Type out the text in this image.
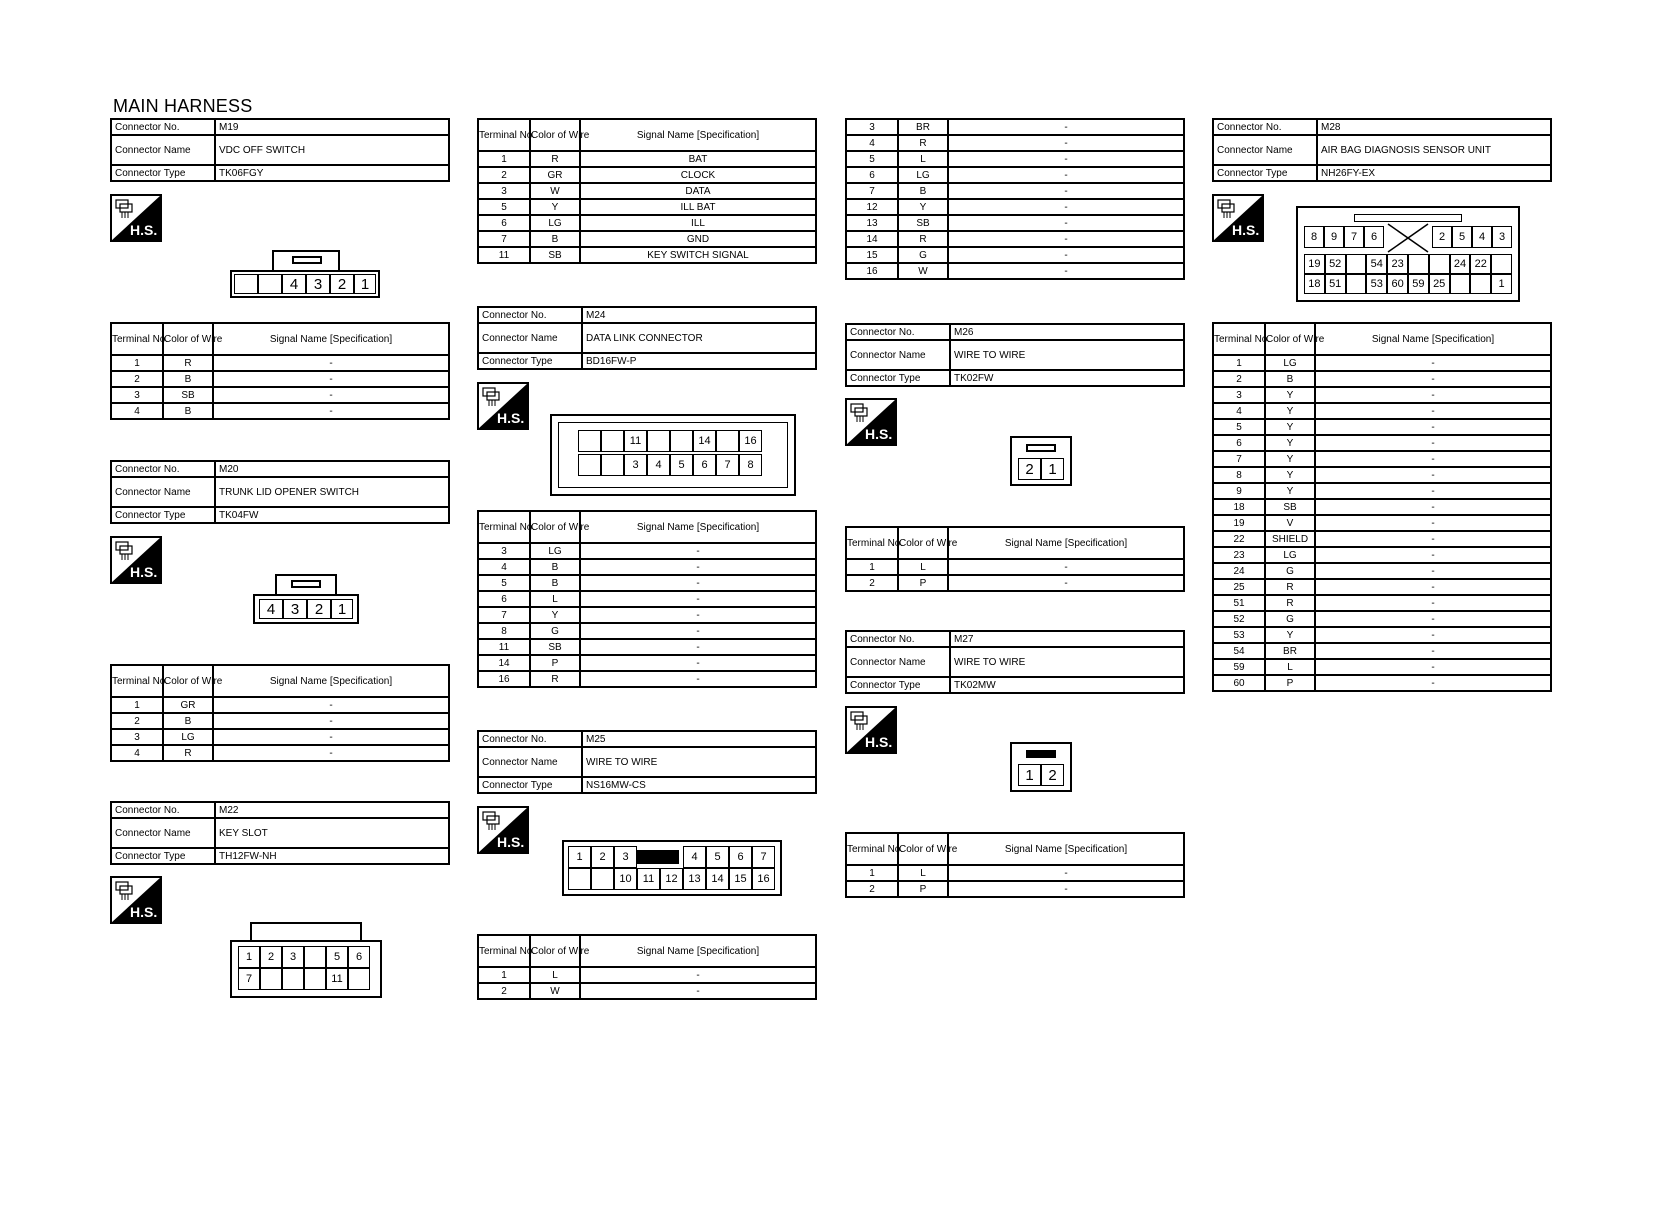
MAIN HARNESS
Connector No.	M19
Connector Name	VDC OFF SWITCH
Connector Type	TK06FGY
H.S.
4	3	2 1
Terminal No.	Color of Wire	Signal Name [Specification]
1	R	-
2	B	-
3	SB	-
4	B	-
Connector No.	M20
Connector Name	TRUNK LID OPENER SWITCH
Connector Type	TK04FW
H.S.
4	3	2 1
Terminal No.	Color of Wire	Signal Name [Specification]
1	GR	-
2	B	-
3	LG	-
4	R	-
Connector No.	M22
Connector Name	KEY SLOT
Connector Type	TH12FW-NH
H.S.
1	2	3	5	6
7	11
Terminal No.	Color of Wire	Signal Name [Specification]
1	R	BAT
2	GR	CLOCK
3	W	DATA
5	Y	ILL BAT
6	LG	ILL
7	B	GND
11	SB	KEY SWITCH SIGNAL
Connector No.	M24
Connector Name	DATA LINK CONNECTOR
Connector Type	BD16FW-P
H.S.
11	14	16
3	4	5	6	7	8
Terminal No.	Color of Wire	Signal Name [Specification]
3	LG	-
4	B	-
5	B	-
6	L	-
7	Y	-
8	G	-
11	SB	-
14	P	-
16	R	-
Connector No.	M25
Connector Name	WIRE TO WIRE
Connector Type	NS16MW-CS
H.S.
1	2	3	4	5	6	7
10	11	12 13 14 15 16
Terminal No.	Color of Wire	Signal Name [Specification]
1	L	-
2	W	-
3	BR	-
4	R	-
5	L	-
6	LG	-
7	B	-
12	Y	-
13	SB	-
14	R	-
15	G	-
16	W	-
Connector No.	M26
Connector Name	WIRE TO WIRE
Connector Type	TK02FW
H.S.
2 1
Terminal No.	Color of Wire	Signal Name [Specification]
1	L	-
2	P	-
Connector No.	M27
Connector Name	WIRE TO WIRE
Connector Type	TK02MW
H.S.
1 2
Terminal No.	Color of Wire	Signal Name [Specification]
1	L	-
2	P	-
Connector No.	M28
Connector Name	AIR BAG DIAGNOSIS SENSOR UNIT
Connector Type	NH26FY-EX
H.S.	8	9	7	6	2	5	4	3
19 52	54 23	24 22
18 51	53 60 59 25	1
Terminal No.	Color of Wire	Signal Name [Specification]
1	LG	-
2	B	-
3	Y	-
4	Y	-
5	Y	-
6	Y	-
7	Y	-
8	Y	-
9	Y	-
18	SB	-
19	V	-
22	SHIELD	-
23	LG	-
24	G	-
25	R	-
51	R	-
52	G	-
53	Y	-
54	BR	-
59	L	-
60	P	-
